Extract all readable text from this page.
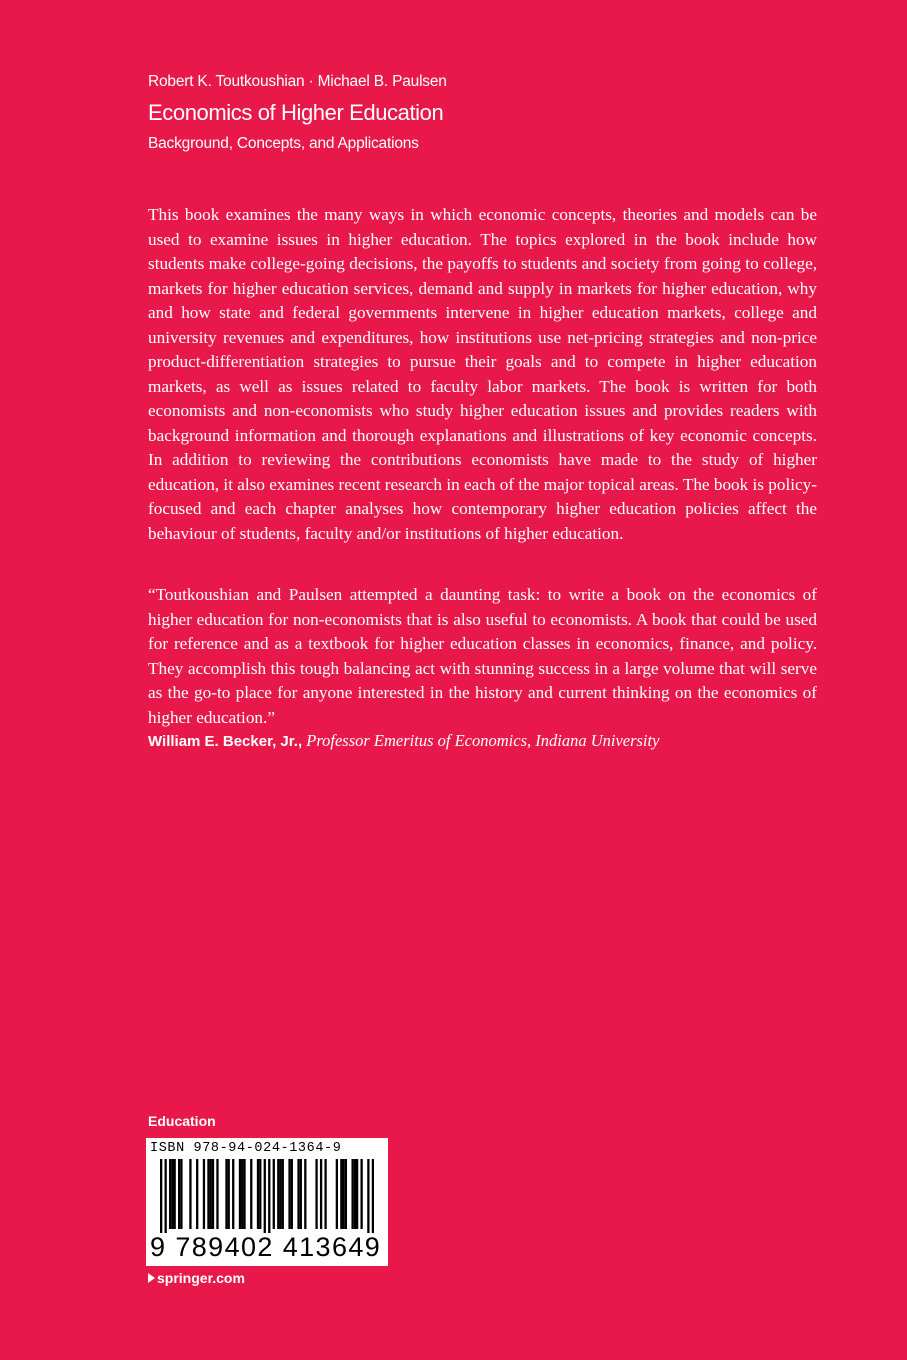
Robert K. Toutkoushian · Michael B. Paulsen
Economics of Higher Education
Background, Concepts, and Applications

This book examines the many ways in which economic concepts, theories and models can be used to examine issues in higher education. The topics explored in the book include how students make college-going decisions, the payoffs to students and society from going to college, markets for higher education services, demand and supply in markets for higher education, why and how state and federal governments intervene in higher education markets, college and university revenues and expenditures, how institutions use net-pricing strategies and non-price product-differentiation strategies to pursue their goals and to compete in higher education markets, as well as issues related to faculty labor markets. The book is written for both economists and non-economists who study higher education issues and provides readers with background information and thorough explanations and illustrations of key economic concepts. In addition to reviewing the contributions economists have made to the study of higher education, it also examines recent research in each of the major topical areas. The book is policy-focused and each chapter analyses how contemporary higher education policies affect the behaviour of students, faculty and/or institutions of higher education.

“Toutkoushian and Paulsen attempted a daunting task: to write a book on the economics of higher education for non-economists that is also useful to economists. A book that could be used for reference and as a textbook for higher education classes in economics, finance, and policy. They accomplish this tough balancing act with stunning success in a large volume that will serve as the go-to place for anyone interested in the history and current thinking on the economics of higher education.”

William E. Becker, Jr., Professor Emeritus of Economics, Indiana University
Education
ISBN 978-94-024-1364-9
9 789402 413649
springer.com
